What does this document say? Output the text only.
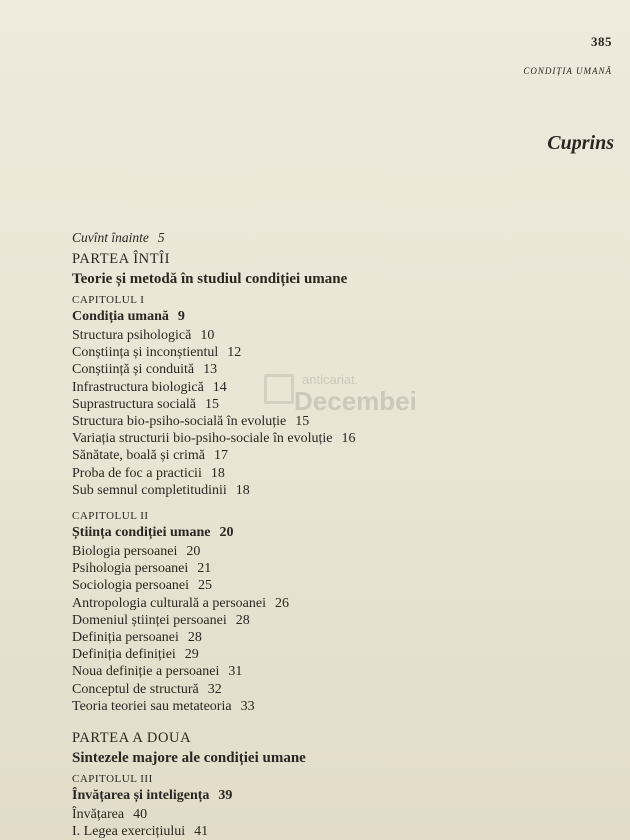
385
CONDIȚIA UMANĂ
Cuprins
anticariat.
Decembei
Cuvînt înainte 5
PARTEA ÎNTÎI
Teorie și metodă în studiul condiției umane
CAPITOLUL I
Condiția umană 9
Structura psihologică 10
Conștiința și inconștientul 12
Conștiință și conduită 13
Infrastructura biologică 14
Suprastructura socială 15
Structura bio-psiho-socială în evoluție 15
Variația structurii bio-psiho-sociale în evoluție 16
Sănătate, boală și crimă 17
Proba de foc a practicii 18
Sub semnul completitudinii 18
CAPITOLUL II
Știința condiției umane 20
Biologia persoanei 20
Psihologia persoanei 21
Sociologia persoanei 25
Antropologia culturală a persoanei 26
Domeniul științei persoanei 28
Definiția persoanei 28
Definiția definiției 29
Noua definiție a persoanei 31
Conceptul de structură 32
Teoria teoriei sau metateoria 33
PARTEA A DOUA
Sintezele majore ale condiției umane
CAPITOLUL III
Învățarea și inteligența 39
Învățarea 40
I. Legea exercițiului 41
